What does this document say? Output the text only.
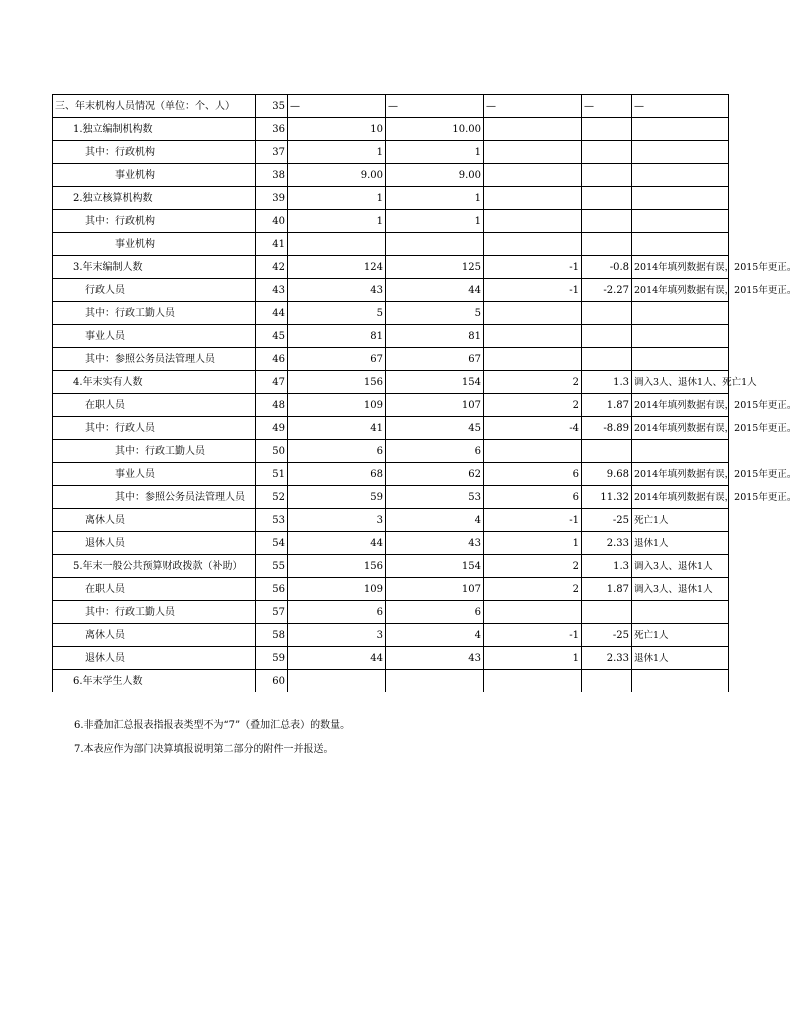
三、年末机构人员情况（单位：个、人）	35	—	—	—	—	—
1.独立编制机构数	36	10	10.00			
其中：行政机构	37	1	1			
事业机构	38	9.00	9.00			
2.独立核算机构数	39	1	1			
其中：行政机构	40	1	1			
事业机构	41					
3.年末编制人数	42	124	125	-1	-0.8	2014年填列数据有误，2015年更正。
行政人员	43	43	44	-1	-2.27	2014年填列数据有误，2015年更正。
其中：行政工勤人员	44	5	5			
事业人员	45	81	81			
其中：参照公务员法管理人员	46	67	67			
4.年末实有人数	47	156	154	2	1.3	调入3人、退休1人、死亡1人
在职人员	48	109	107	2	1.87	2014年填列数据有误，2015年更正。
其中：行政人员	49	41	45	-4	-8.89	2014年填列数据有误，2015年更正。
其中：行政工勤人员	50	6	6			
事业人员	51	68	62	6	9.68	2014年填列数据有误，2015年更正。
其中：参照公务员法管理人员	52	59	53	6	11.32	2014年填列数据有误，2015年更正。
离休人员	53	3	4	-1	-25	死亡1人
退休人员	54	44	43	1	2.33	退休1人
5.年末一般公共预算财政拨款（补助）	55	156	154	2	1.3	调入3人、退休1人
在职人员	56	109	107	2	1.87	调入3人、退休1人
其中：行政工勤人员	57	6	6			
离休人员	58	3	4	-1	-25	死亡1人
退休人员	59	44	43	1	2.33	退休1人
6.年末学生人数	60					
6.非叠加汇总报表指报表类型不为“7”（叠加汇总表）的数量。
7.本表应作为部门决算填报说明第二部分的附件一并报送。
